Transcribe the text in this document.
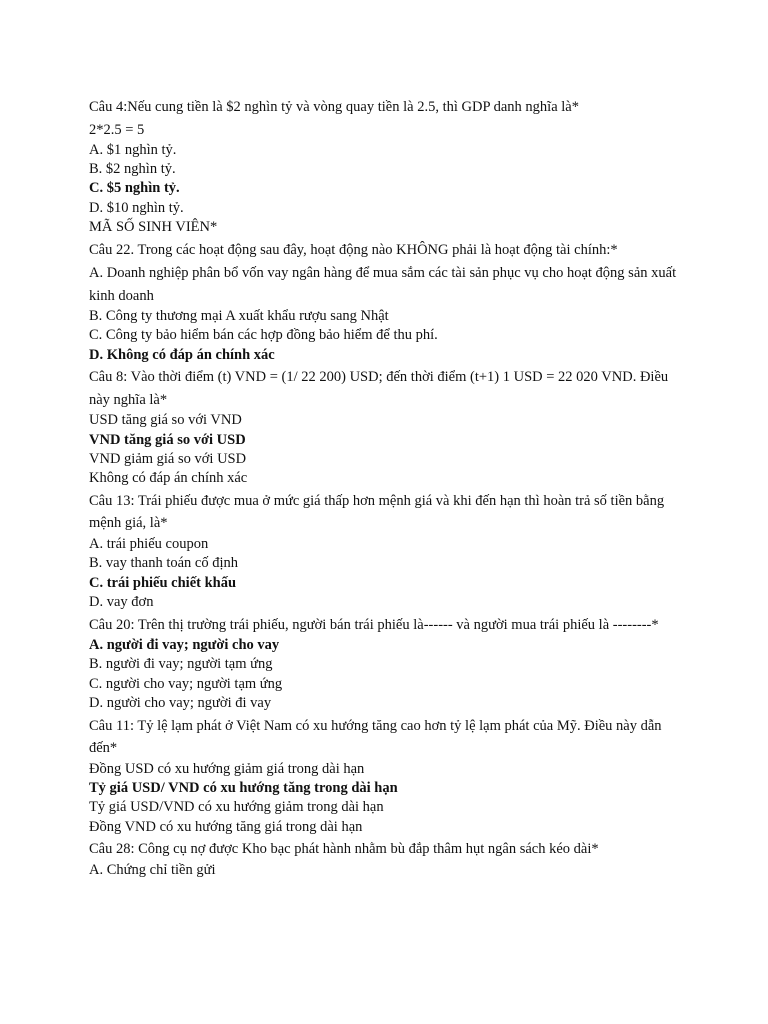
Câu 4:Nếu cung tiền là $2 nghìn tỷ và vòng quay tiền là 2.5, thì GDP danh nghĩa là*
2*2.5 = 5
A. $1 nghìn tỷ.
B. $2 nghìn tỷ.
C. $5 nghìn tỷ.
D. $10 nghìn tỷ.
MÃ SỐ SINH VIÊN*
Câu 22. Trong các hoạt động sau đây, hoạt động nào KHÔNG phải là hoạt động tài chính:*
A. Doanh nghiệp phân bổ vốn vay ngân hàng để mua sắm các tài sản phục vụ cho hoạt động sản xuất kinh doanh
B. Công ty thương mại A xuất khẩu rượu sang Nhật
C. Công ty bảo hiểm bán các hợp đồng bảo hiểm để thu phí.
D. Không có đáp án chính xác
Câu 8: Vào thời điểm (t) VND = (1/ 22 200) USD; đến thời điểm (t+1) 1 USD = 22 020 VND. Điều này nghĩa là*
USD tăng giá so với VND
VND tăng giá so với USD
VND giảm giá so với USD
Không có đáp án chính xác
Câu 13: Trái phiếu được mua ở mức giá thấp hơn mệnh giá và khi đến hạn thì hoàn trả số tiền bằng mệnh giá, là*
A. trái phiếu coupon
B. vay thanh toán cố định
C. trái phiếu chiết khấu
D. vay đơn
Câu 20: Trên thị trường trái phiếu, người bán trái phiếu là------ và người mua trái phiếu là --------*
A. người đi vay; người cho vay
B. người đi vay; người tạm ứng
C. người cho vay; người tạm ứng
D. người cho vay; người đi vay
Câu 11: Tỷ lệ lạm phát ở Việt Nam có xu hướng tăng cao hơn tỷ lệ lạm phát của Mỹ. Điều này dẫn đến*
Đồng USD có xu hướng giảm giá trong dài hạn
Tỷ giá USD/ VND có xu hướng tăng trong dài hạn
Tỷ giá USD/VND có xu hướng giảm trong dài hạn
Đồng VND có xu hướng tăng giá trong dài hạn
Câu 28: Công cụ nợ được Kho bạc phát hành nhằm bù đắp thâm hụt ngân sách kéo dài*
A. Chứng chỉ tiền gửi
